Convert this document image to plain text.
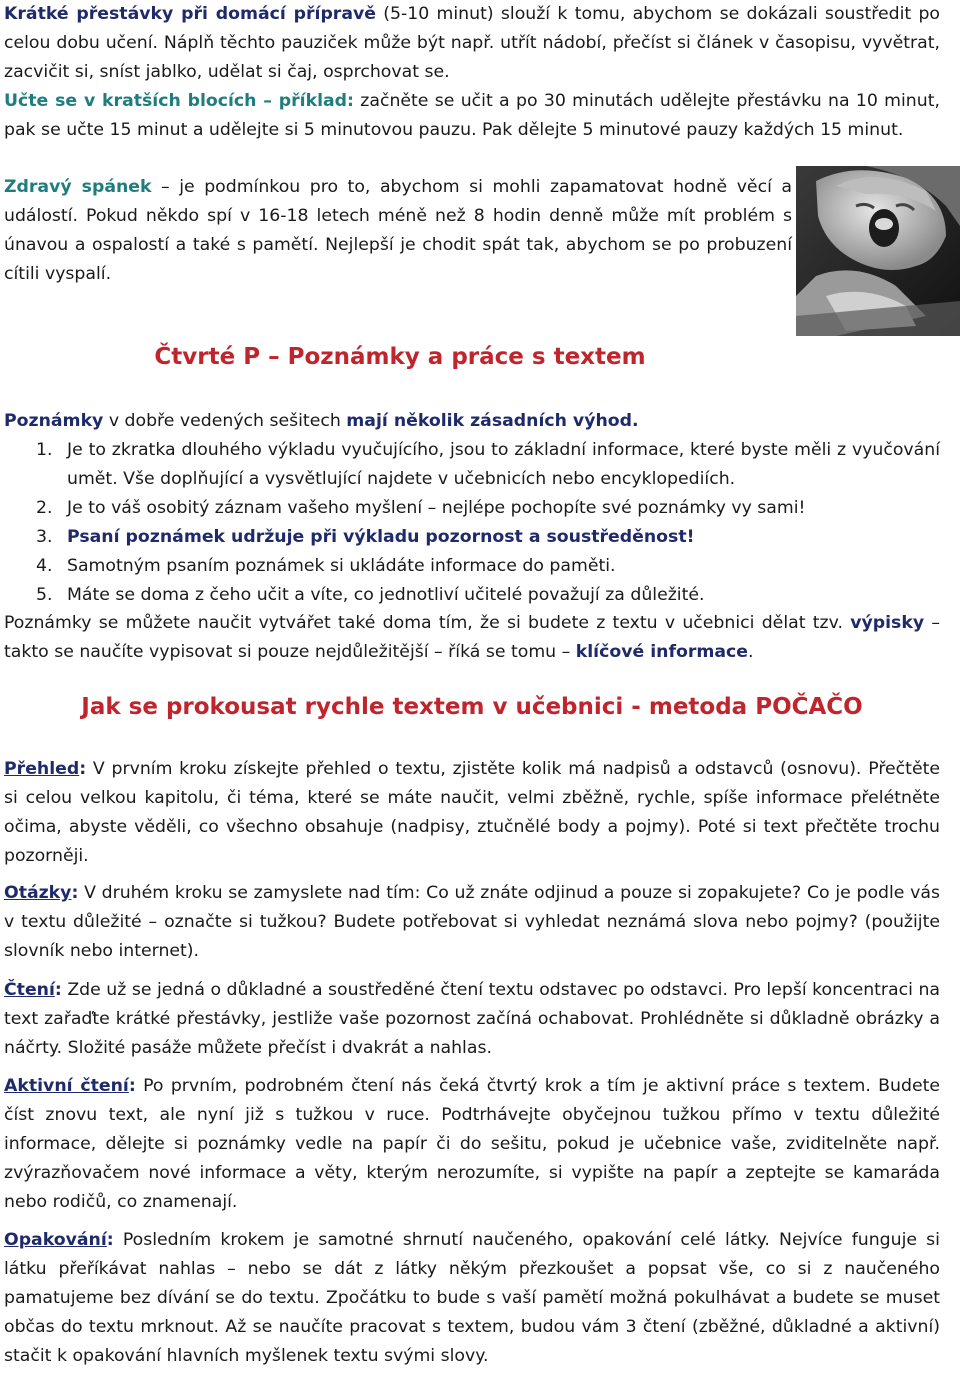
Krátké přestávky při domácí přípravě (5-10 minut) slouží k tomu, abychom se dokázali soustředit po celou dobu učení. Náplň těchto pauziček může být např. utřít nádobí, přečíst si článek v časopisu, vyvětrat, zacvičit si, sníst jablko, udělat si čaj, osprchovat se.

Učte se v kratších blocích – příklad: začněte se učit a po 30 minutách udělejte přestávku na 10 minut, pak se učte 15 minut a udělejte si 5 minutovou pauzu. Pak dělejte 5 minutové pauzy každých 15 minut.

Zdravý spánek – je podmínkou pro to, abychom si mohli zapamatovat hodně věcí a událostí. Pokud někdo spí v 16-18 letech méně než 8 hodin denně může mít problém s únavou a ospalostí a také s pamětí. Nejlepší je chodit spát tak, abychom se po probuzení cítili vyspalí.

Čtvrté P – Poznámky a práce s textem

Poznámky v dobře vedených sešitech mají několik zásadních výhod.

1. Je to zkratka dlouhého výkladu vyučujícího, jsou to základní informace, které byste měli z vyučování umět. Vše doplňující a vysvětlující najdete v učebnicích nebo encyklopediích.
2. Je to váš osobitý záznam vašeho myšlení – nejlépe pochopíte své poznámky vy sami!
3. Psaní poznámek udržuje při výkladu pozornost a soustředěnost!
4. Samotným psaním poznámek si ukládáte informace do paměti.
5. Máte se doma z čeho učit a víte, co jednotliví učitelé považují za důležité.

Poznámky se můžete naučit vytvářet také doma tím, že si budete z textu v učebnici dělat tzv. výpisky – takto se naučíte vypisovat si pouze nejdůležitější – říká se tomu – klíčové informace.

Jak se prokousat rychle textem v učebnici - metoda POČAČO

Přehled: V prvním kroku získejte přehled o textu, zjistěte kolik má nadpisů a odstavců (osnovu). Přečtěte si celou velkou kapitolu, či téma, které se máte naučit, velmi zběžně, rychle, spíše informace přelétněte očima, abyste věděli, co všechno obsahuje (nadpisy, ztučnělé body a pojmy). Poté si text přečtěte trochu pozorněji.

Otázky: V druhém kroku se zamyslete nad tím: Co už znáte odjinud a pouze si zopakujete? Co je podle vás v textu důležité – označte si tužkou? Budete potřebovat si vyhledat neznámá slova nebo pojmy? (použijte slovník nebo internet).

Čtení: Zde už se jedná o důkladné a soustředěné čtení textu odstavec po odstavci. Pro lepší koncentraci na text zařaďte krátké přestávky, jestliže vaše pozornost začíná ochabovat. Prohlédněte si důkladně obrázky a náčrty. Složité pasáže můžete přečíst i dvakrát a nahlas.

Aktivní čtení: Po prvním, podrobném čtení nás čeká čtvrtý krok a tím je aktivní práce s textem. Budete číst znovu text, ale nyní již s tužkou v ruce. Podtrhávejte obyčejnou tužkou přímo v textu důležité informace, dělejte si poznámky vedle na papír či do sešitu, pokud je učebnice vaše, zviditelněte např. zvýrazňovačem nové informace a věty, kterým nerozumíte, si vypište na papír a zeptejte se kamaráda nebo rodičů, co znamenají.

Opakování: Posledním krokem je samotné shrnutí naučeného, opakování celé látky. Nejvíce funguje si látku přeříkávat nahlas – nebo se dát z látky někým přezkoušet a popsat vše, co si z naučeného pamatujeme bez dívání se do textu. Zpočátku to bude s vaší pamětí možná pokulhávat a budete se muset občas do textu mrknout. Až se naučíte pracovat s textem, budou vám 3 čtení (zběžné, důkladné a aktivní) stačit k opakování hlavních myšlenek textu svými slovy.
